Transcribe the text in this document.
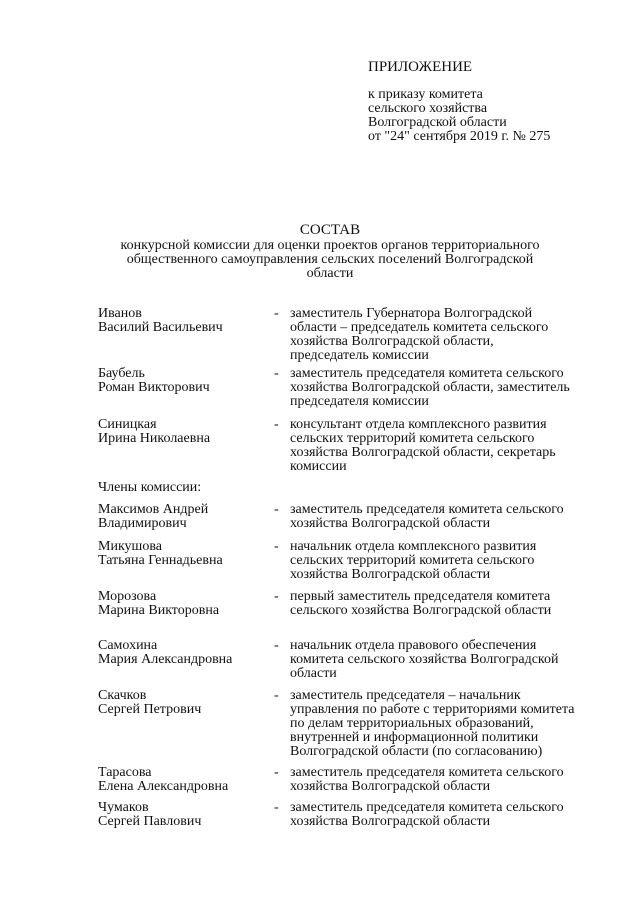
ПРИЛОЖЕНИЕ
к приказу комитета
сельского хозяйства
Волгоградской области
от "24" сентября 2019 г. № 275
СОСТАВ
конкурсной комиссии для оценки проектов органов территориального
общественного самоуправления сельских поселений Волгоградской
области
Иванов
Василий Васильевич
- заместитель Губернатора Волгоградской
области – председатель комитета сельского
хозяйства Волгоградской области,
председатель комиссии
Баубель
Роман Викторович
- заместитель председателя комитета сельского
хозяйства Волгоградской области, заместитель
председателя комиссии
Синицкая
Ирина Николаевна
- консультант отдела комплексного развития
сельских территорий комитета сельского
хозяйства Волгоградской области, секретарь
комиссии
Члены комиссии:
Максимов Андрей
Владимирович
- заместитель председателя комитета сельского
хозяйства Волгоградской области
Микушова
Татьяна Геннадьевна
- начальник отдела комплексного развития
сельских территорий комитета сельского
хозяйства Волгоградской области
Морозова
Марина Викторовна
- первый заместитель председателя комитета
сельского хозяйства Волгоградской области
Самохина
Мария Александровна
- начальник отдела правового обеспечения
комитета сельского хозяйства Волгоградской
области
Скачков
Сергей Петрович
- заместитель председателя – начальник
управления по работе с территориями комитета
по делам территориальных образований,
внутренней и информационной политики
Волгоградской области (по согласованию)
Тарасова
Елена Александровна
- заместитель председателя комитета сельского
хозяйства Волгоградской области
Чумаков
Сергей Павлович
- заместитель председателя комитета сельского
хозяйства Волгоградской области
